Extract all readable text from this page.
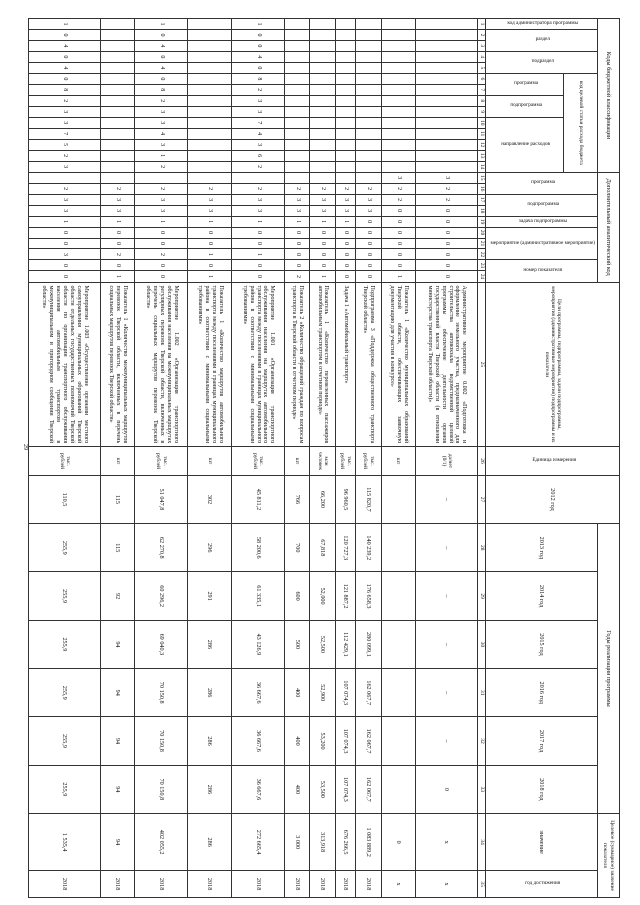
29
Коды бюджетной классификации														Дополнительный аналитический код										Цели программы, подпрограммы, задачи подпрограммы, мероприятия (административные мероприятия) подпрограммы и их показатели	Единица измерения	2012 год	Годы реализации программы						Целевое (суммарное) значение показателя	
код администратора программы	раздел		подраздел		код целевой статьи расхода бюджета									программа		подпрограмма		задача подпрограммы	мероприятие (административное мероприятие)			номер показателя					2013 год	2014 год	2015 год	2016 год	2017 год	2018 год	значение	год достижения
					программа		подпрограмма		направление расходов																									
1	2	3	4	5	6	7	8	9	10	11	12	13	14	15	16	17	18	19	20	21	22	23	24	25	26	27	28	29	30	31	32	33	34	35
														3	2	2	0	0	0	0	0	0	0	Административное мероприятие 0.002 «Подготовка и оформление земельного участка, предназначенного для строительства автовокзала ведомственной целевой программы обеспечение деятельности органов государственной власти Тверской области (в отношении министерства транспорта Тверской области)»	да/нет (0/1)	–	–	–	–	–	–	0	х	х
														3	2	2	0	0	0	0	0	0	1	Показатель 1 «Количество муниципальных образований Тверской области, обеспечивающих заявочную документацию для участия в конкурсе»	шт								0	х
															2	3	3	0	0	0	0	0	0	Подпрограмма 3 «Поддержка общественного транспорта Тверской области»	тыс. рублей	115 820,7	140 239,2	176 658,3	280 099,1	162 067,7	162 067,7	162 067,7	1 083 889,2	2018
															2	3	3	1	0	0	0	0	0	Задача 1 «Автомобильный транспорт»	тыс. рублей	96 960,5	120 727,3	121 887,2	112 429,1	107 074,3	107 074,3	107 074,3	676 266,5	2018
															2	3	3	1	0	0	0	0	1	Показатель 1 «Количество перевезенных пассажиров автомобильным транспортом в отчетном периоде»	млн человек	66,200	67,818	52,000	52,500	52,900	53,200	53,500	313,918	2018
															2	3	3	1	0	0	0	0	2	Показатель 2 «Количество обращений граждан по вопросам транспорта в Тверской области в отчетном периоде»	шт	766	700	600	500	400	400	400	3 000	2018
1	0	0	4	0	8	2	3	3	7	4	3	6	2		2	3	3	1	0	0	1	0	0	Мероприятие 1.001 «Организация транспортного обслуживания населения на маршрутах автомобильного транспорта между поселениями в границах муниципального района в соответствии с минимальными социальными требованиями»	тыс. рублей	45 811,2	58 200,6	61 335,1	43 126,9	36 667,6	36 667,6	36 667,6	272 665,4	2018
															2	3	3	1	0	0	1	0	1	Показатель 1 «Количество маршрутов автомобильного транспорта между поселениями в границах муниципального района в соответствии с минимальными социальными требованиями»	шт	302	296	291	286	286	286	286	286	2018
1	0	4	0	4	0	8	2	3	3	4	3	1	2		2	3	3	1	0	0	2	0	0	Мероприятие 1.002 «Организация транспортного обслуживания населения на межмуниципальных маршрутах регулярных перевозок Тверской области, включенных в перечень социальных маршрутов перевозок Тверской области»	тыс. рублей	51 047,8	62 270,8	60 296,2	69 040,3	70 150,8	70 150,8	70 150,8	402 055,2	2018
															2	3	3	1	0	0	2	0	1	Показатель 1 «Количество межмуниципальных маршрутов перевозок Тверской области, включенных в перечень социальных маршрутов перевозок Тверской области»	шт	115	115	92	94	94	94	94	94	2018
1	0	4	0	4	0	8	2	3	3	7	5	2	3		2	3	3	1	0	0	3	0	0	Мероприятие 1.003 «Осуществление органами местного самоуправления муниципальных образований Тверской области отдельных государственных полномочий Тверской области по организации транспортного обслуживания населения автомобильным транспортом в межмуниципальном и пригородном сообщении Тверской области»	тыс. рублей	110,5	255,9	255,9	255,9	255,9	255,9	255,9	1 535,4	2018
